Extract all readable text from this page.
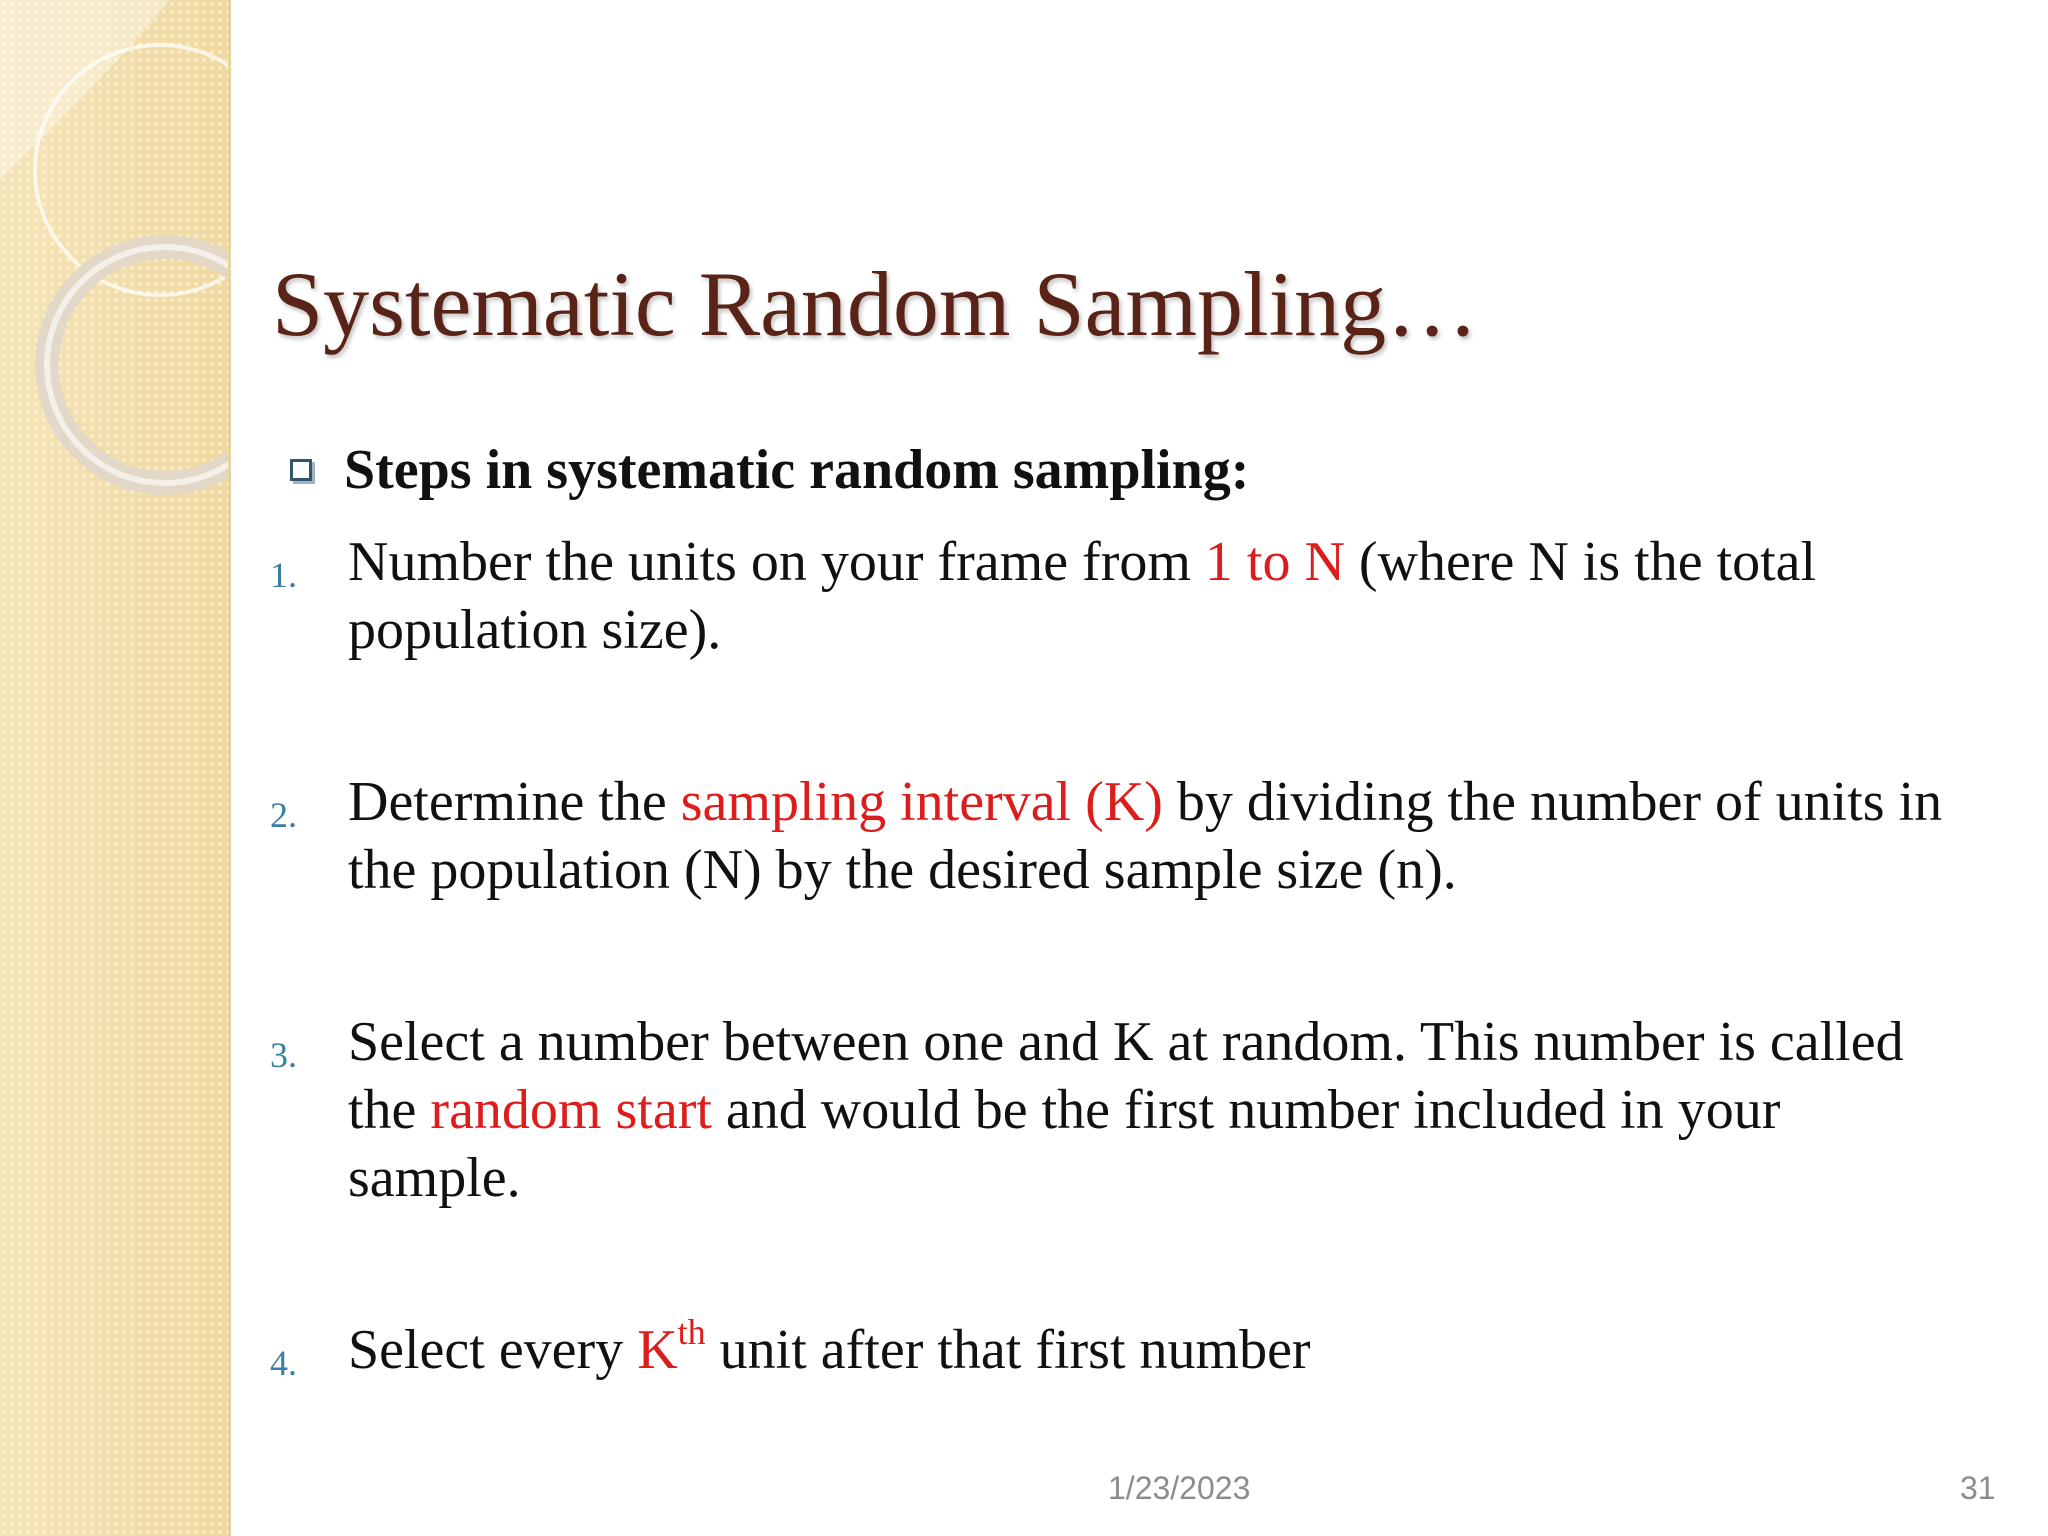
Systematic Random Sampling…
Steps in systematic random sampling:
1. Number the units on your frame from 1 to N (where N is the total population size).
2. Determine the sampling interval (K) by dividing the number of units in the population (N) by the desired sample size (n).
3. Select a number between one and K at random. This number is called the random start and would be the first number included in your sample.
4. Select every $K^{th}$ unit after that first number
1/23/2023	31
